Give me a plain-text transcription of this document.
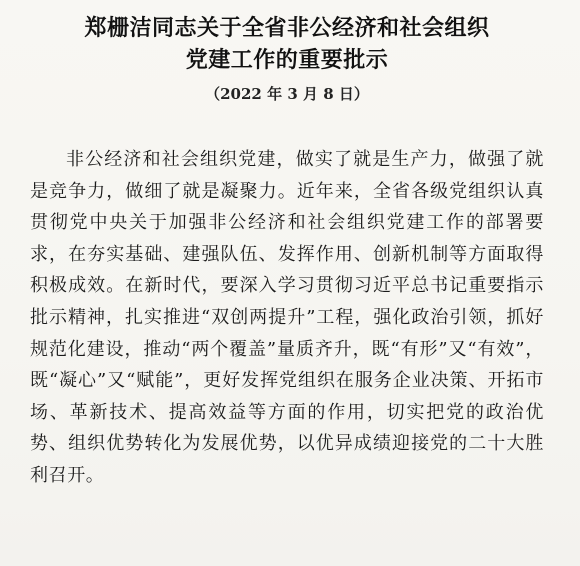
郑栅洁同志关于全省非公经济和社会组织
党建工作的重要批示
（2022 年 3 月 8 日）

非公经济和社会组织党建，做实了就是生产力，做强了就是竞争力，做细了就是凝聚力。近年来，全省各级党组织认真贯彻党中央关于加强非公经济和社会组织党建工作的部署要求，在夯实基础、建强队伍、发挥作用、创新机制等方面取得积极成效。在新时代，要深入学习贯彻习近平总书记重要指示批示精神，扎实推进“双创两提升”工程，强化政治引领，抓好规范化建设，推动“两个覆盖”量质齐升，既“有形”又“有效”，既“凝心”又“赋能”，更好发挥党组织在服务企业决策、开拓市场、革新技术、提高效益等方面的作用，切实把党的政治优势、组织优势转化为发展优势，以优异成绩迎接党的二十大胜利召开。
